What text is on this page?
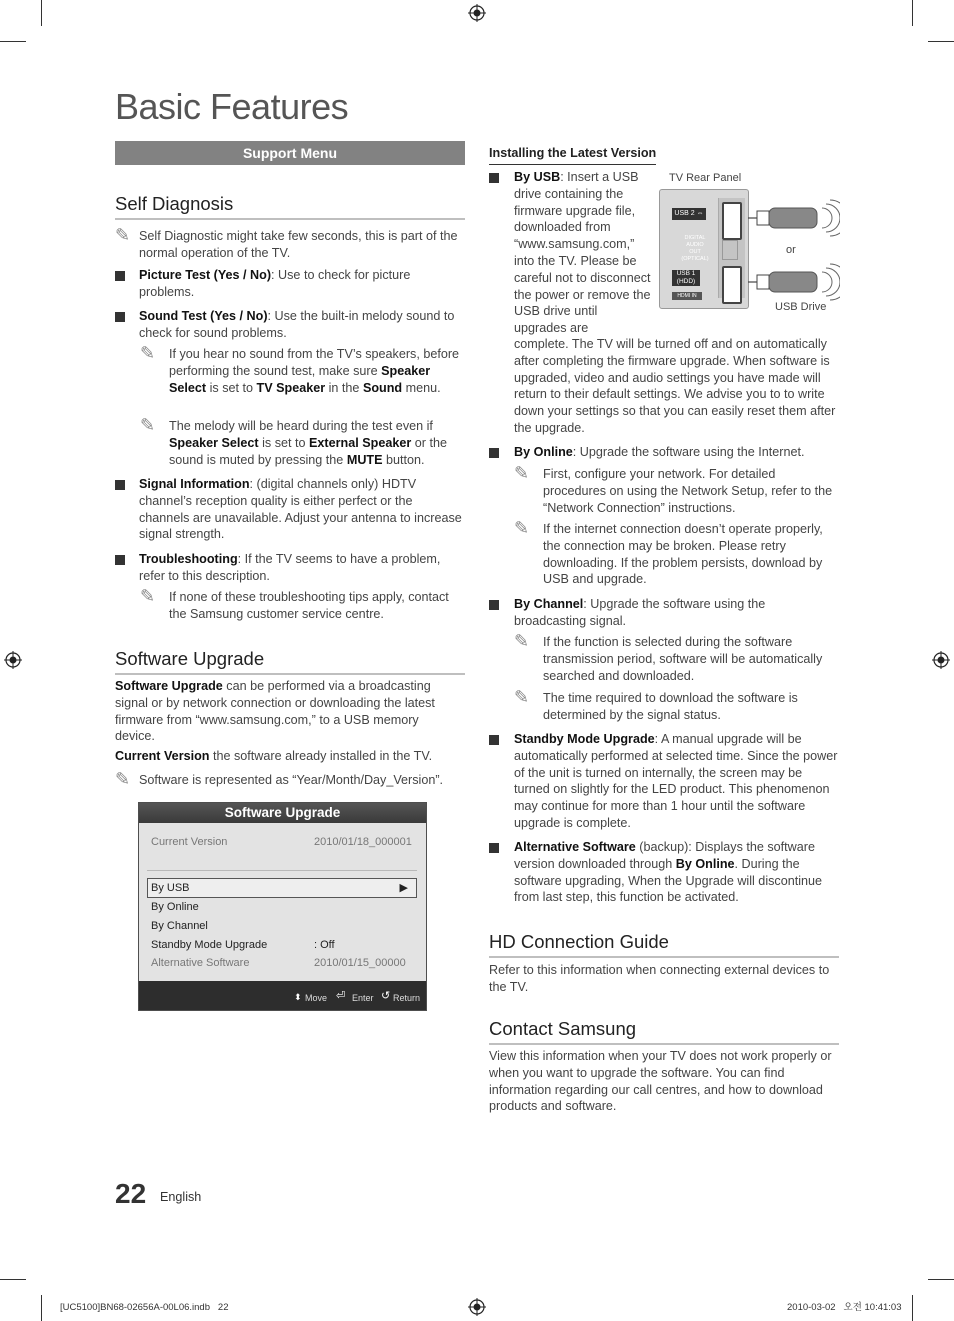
Basic Features
Support Menu
Self Diagnosis
✎ Self Diagnostic might take few seconds, this is part of the normal operation of the TV.
Picture Test (Yes / No): Use to check for picture problems.
Sound Test (Yes / No): Use the built-in melody sound to check for sound problems.
✎ If you hear no sound from the TV’s speakers, before performing the sound test, make sure Speaker Select is set to TV Speaker in the Sound menu.
✎ The melody will be heard during the test even if Speaker Select is set to External Speaker or the sound is muted by pressing the MUTE button.
Signal Information: (digital channels only) HDTV channel’s reception quality is either perfect or the channels are unavailable. Adjust your antenna to increase signal strength.
Troubleshooting: If the TV seems to have a problem, refer to this description.
✎ If none of these troubleshooting tips apply, contact the Samsung customer service centre.
Software Upgrade
Software Upgrade can be performed via a broadcasting signal or by network connection or downloading the latest firmware from “www.samsung.com,” to a USB memory device.
Current Version the software already installed in the TV.
✎ Software is represented as “Year/Month/Day_Version”.
Software Upgrade
Current Version	2010/01/18_000001
By USB	▶
By Online
By Channel
Standby Mode Upgrade	: Off
Alternative Software	2010/01/15_00000
⬍ Move ⏎ Enter ↺ Return
Installing the Latest Version
By USB: Insert a USB drive containing the firmware upgrade file, downloaded from “www.samsung.com,” into the TV. Please be careful not to disconnect the power or remove the USB drive until upgrades are
complete. The TV will be turned off and on automatically after completing the firmware upgrade. When software is upgraded, video and audio settings you have made will return to their default settings. We advise you to to write down your settings so that you can easily reset them after the upgrade.
TV Rear Panel
USB 2 ⇔
DIGITAL AUDIO OUT (OPTICAL)
USB 1
(HDD)
HDMI IN
or
USB Drive
By Online: Upgrade the software using the Internet.
✎ First, configure your network. For detailed procedures on using the Network Setup, refer to the “Network Connection” instructions.
✎ If the internet connection doesn’t operate properly, the connection may be broken. Please retry downloading. If the problem persists, download by USB and upgrade.
By Channel: Upgrade the software using the broadcasting signal.
✎ If the function is selected during the software transmission period, software will be automatically searched and downloaded.
✎ The time required to download the software is determined by the signal status.
Standby Mode Upgrade: A manual upgrade will be automatically performed at selected time. Since the power of the unit is turned on internally, the screen may be turned on slightly for the LED product. This phenomenon may continue for more than 1 hour until the software upgrade is complete.
Alternative Software (backup): Displays the software version downloaded through By Online. During the software upgrading, When the Upgrade will discontinue from last step, this function be activated.
HD Connection Guide
Refer to this information when connecting external devices to the TV.
Contact Samsung
View this information when your TV does not work properly or when you want to upgrade the software. You can find information regarding our call centres, and how to download products and software.
22 English
[UC5100]BN68-02656A-00L06.indb   22	2010-03-02   오전 10:41:03
